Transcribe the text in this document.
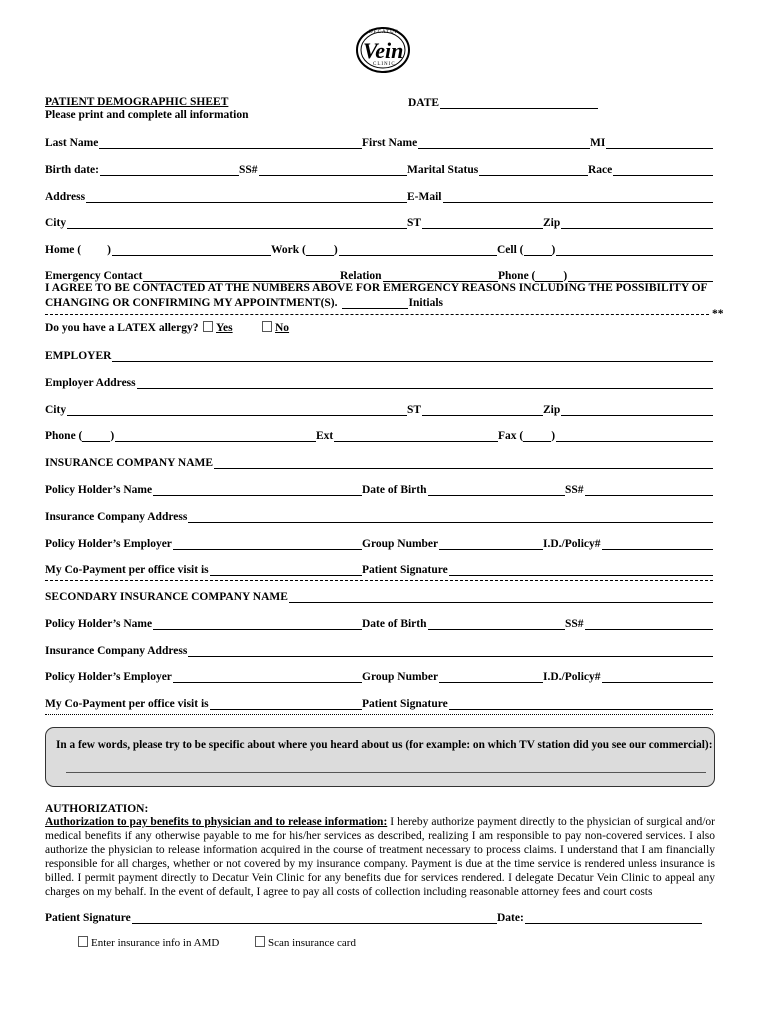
DECATUR
Vein
CLINIC
PATIENT DEMOGRAPHIC SHEET
Please print and complete all information
DATE
Last Name	First Name	MI
Birth date:	SS#	Marital Status	Race
Address	E-Mail
City	ST	Zip
Home ( )	Work ( )	Cell ( )
Emergency Contact	Relation	Phone ( )
I AGREE TO BE CONTACTED AT THE NUMBERS ABOVE FOR EMERGENCY REASONS INCLUDING THE POSSIBILITY OF
CHANGING OR CONFIRMING MY APPOINTMENT(S).	Initials
**
Do you have a LATEX allergy?	Yes	No
EMPLOYER
Employer Address
City	ST	Zip
Phone ( )	Ext	Fax ( )
INSURANCE COMPANY NAME
Policy Holder’s Name	Date of Birth	SS#
Insurance Company Address
Policy Holder’s Employer	Group Number	I.D./Policy#
My Co-Payment per office visit is	Patient Signature
SECONDARY INSURANCE COMPANY NAME
Policy Holder’s Name	Date of Birth	SS#
Insurance Company Address
Policy Holder’s Employer	Group Number	I.D./Policy#
My Co-Payment per office visit is	Patient Signature
In a few words, please try to be specific about where you heard about us (for example: on which TV station did you see our commercial):
AUTHORIZATION:
Authorization to pay benefits to physician and to release information: I hereby authorize payment directly to the physician of surgical and/or medical benefits if any otherwise payable to me for his/her services as described, realizing I am responsible to pay non-covered services. I also authorize the physician to release information acquired in the course of treatment necessary to process claims. I understand that I am financially responsible for all charges, whether or not covered by my insurance company. Payment is due at the time service is rendered unless insurance is billed. I permit payment directly to Decatur Vein Clinic for any benefits due for services rendered. I delegate Decatur Vein Clinic to appeal any charges on my behalf. In the event of default, I agree to pay all costs of collection including reasonable attorney fees and court costs
Patient Signature	Date:
Enter insurance info in AMD	Scan insurance card
